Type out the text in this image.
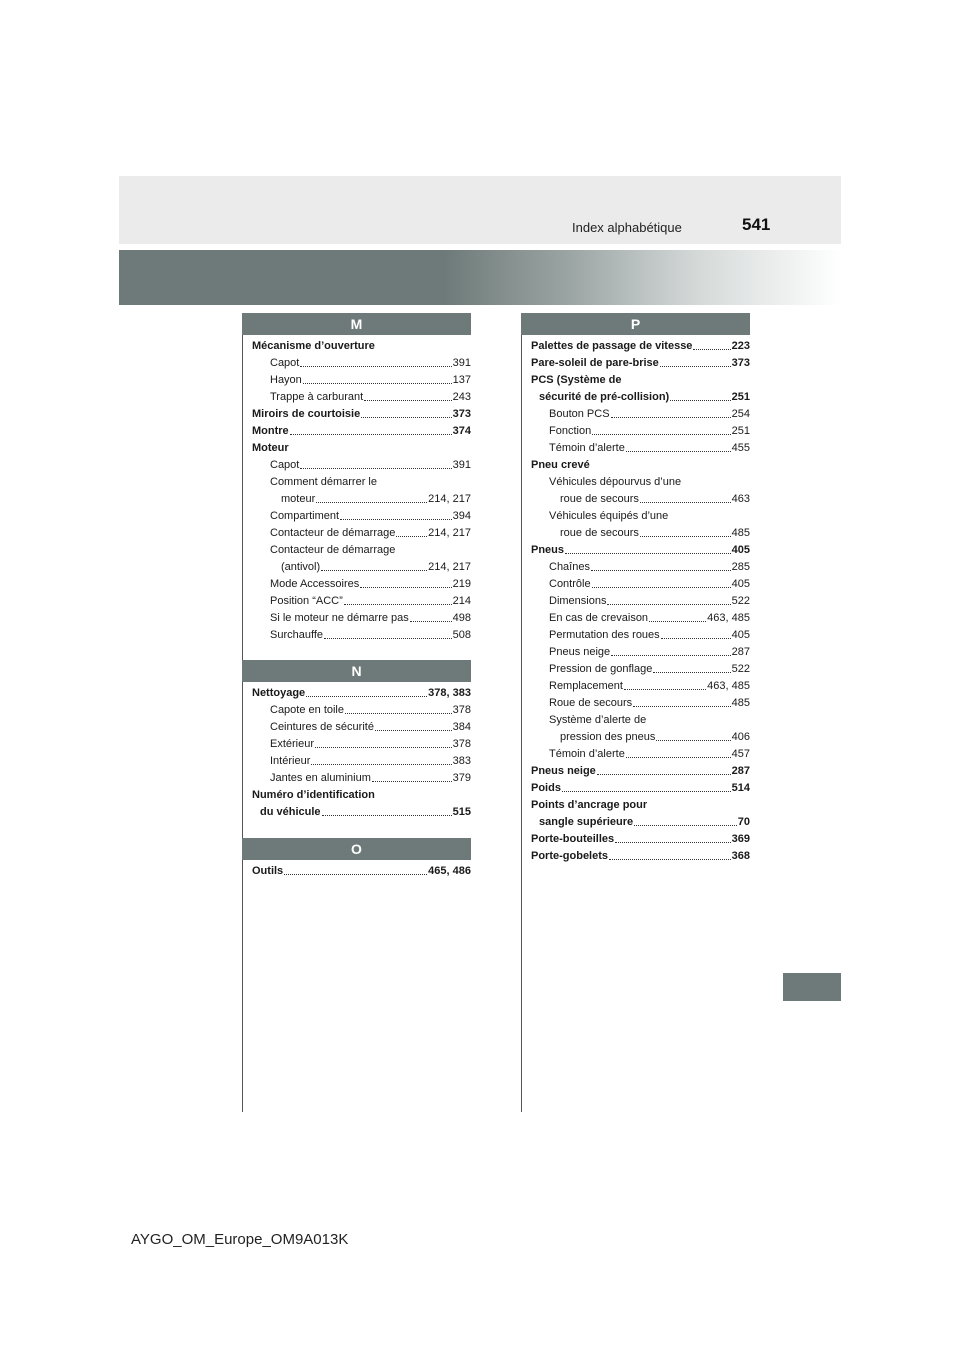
Index alphabétique	541
M
Mécanisme d’ouverture
Capot	391
Hayon	137
Trappe à carburant	243
Miroirs de courtoisie	373
Montre	374
Moteur
Capot	391
Comment démarrer le
moteur	214, 217
Compartiment	394
Contacteur de démarrage	214, 217
Contacteur de démarrage
(antivol)	214, 217
Mode Accessoires	219
Position “ACC”	214
Si le moteur ne démarre pas	498
Surchauffe	508
N
Nettoyage	378, 383
Capote en toile	378
Ceintures de sécurité	384
Extérieur	378
Intérieur	383
Jantes en aluminium	379
Numéro d’identification
du véhicule	515
O
Outils	465, 486
P
Palettes de passage de vitesse	223
Pare-soleil de pare-brise	373
PCS (Système de
sécurité de pré-collision)	251
Bouton PCS	254
Fonction	251
Témoin d’alerte	455
Pneu crevé
Véhicules dépourvus d’une
roue de secours	463
Véhicules équipés d’une
roue de secours	485
Pneus	405
Chaînes	285
Contrôle	405
Dimensions	522
En cas de crevaison	463, 485
Permutation des roues	405
Pneus neige	287
Pression de gonflage	522
Remplacement	463, 485
Roue de secours	485
Système d’alerte de
pression des pneus	406
Témoin d’alerte	457
Pneus neige	287
Poids	514
Points d’ancrage pour
sangle supérieure	70
Porte-bouteilles	369
Porte-gobelets	368
AYGO_OM_Europe_OM9A013K
